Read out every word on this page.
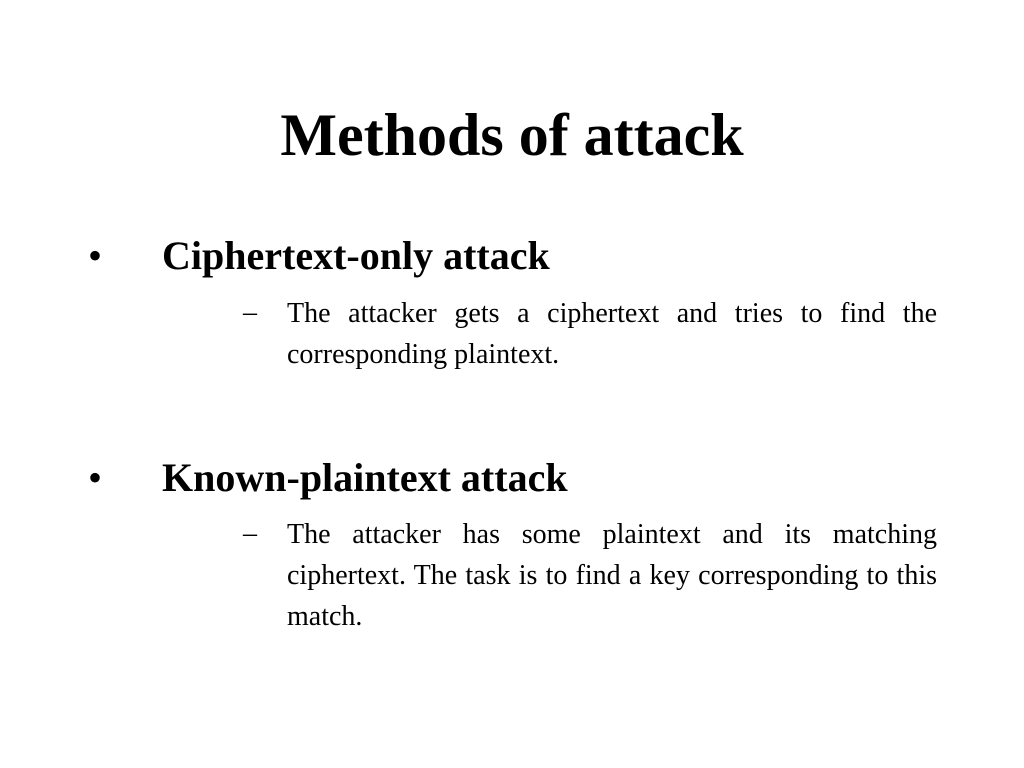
Methods of attack
• Ciphertext-only attack
– The attacker gets a ciphertext and tries to find the corresponding plaintext.
• Known-plaintext attack
– The attacker has some plaintext and its matching ciphertext. The task is to find a key corresponding to this match.
